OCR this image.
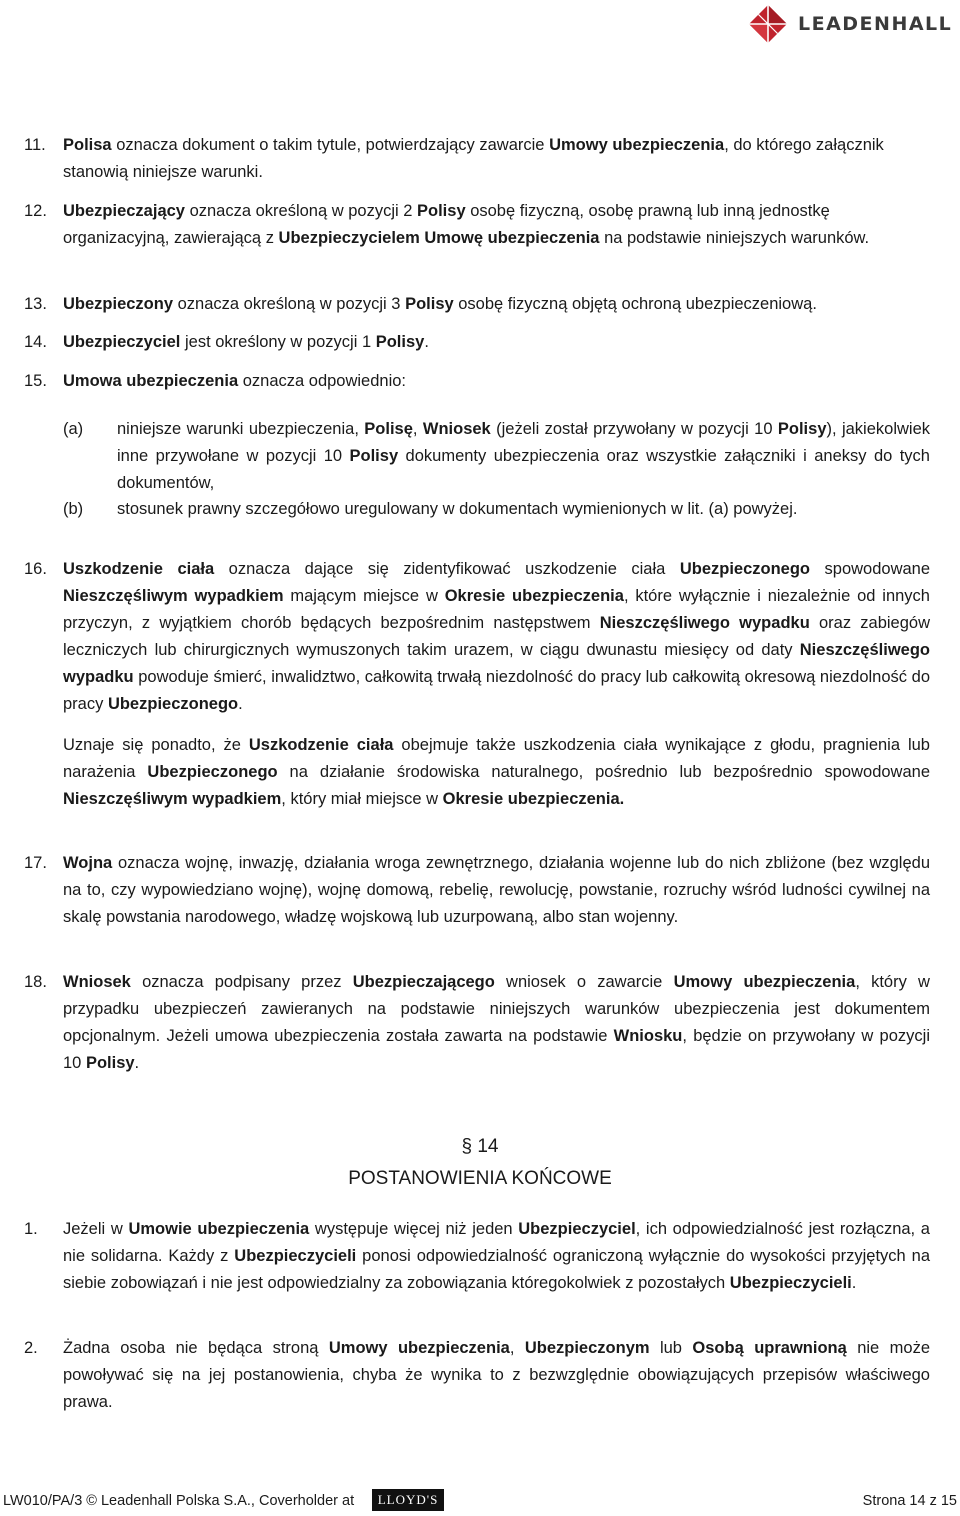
LEADENHALL
11. Polisa oznacza dokument o takim tytule, potwierdzający zawarcie Umowy ubezpieczenia, do którego załącznik stanowią niniejsze warunki.
12. Ubezpieczający oznacza określoną w pozycji 2 Polisy osobę fizyczną, osobę prawną lub inną jednostkę organizacyjną, zawierającą z Ubezpieczycielem Umowę ubezpieczenia na podstawie niniejszych warunków.
13. Ubezpieczony oznacza określoną w pozycji 3 Polisy osobę fizyczną objętą ochroną ubezpieczeniową.
14. Ubezpieczyciel jest określony w pozycji 1 Polisy.
15. Umowa ubezpieczenia oznacza odpowiednio:
(a) niniejsze warunki ubezpieczenia, Polisę, Wniosek (jeżeli został przywołany w pozycji 10 Polisy), jakiekolwiek inne przywołane w pozycji 10 Polisy dokumenty ubezpieczenia oraz wszystkie załączniki i aneksy do tych dokumentów,
(b) stosunek prawny szczegółowo uregulowany w dokumentach wymienionych w lit. (a) powyżej.
16. Uszkodzenie ciała oznacza dające się zidentyfikować uszkodzenie ciała Ubezpieczonego spowodowane Nieszczęśliwym wypadkiem mającym miejsce w Okresie ubezpieczenia, które wyłącznie i niezależnie od innych przyczyn, z wyjątkiem chorób będących bezpośrednim następstwem Nieszczęśliwego wypadku oraz zabiegów leczniczych lub chirurgicznych wymuszonych takim urazem, w ciągu dwunastu miesięcy od daty Nieszczęśliwego wypadku powoduje śmierć, inwalidztwo, całkowitą trwałą niezdolność do pracy lub całkowitą okresową niezdolność do pracy Ubezpieczonego.
Uznaje się ponadto, że Uszkodzenie ciała obejmuje także uszkodzenia ciała wynikające z głodu, pragnienia lub narażenia Ubezpieczonego na działanie środowiska naturalnego, pośrednio lub bezpośrednio spowodowane Nieszczęśliwym wypadkiem, który miał miejsce w Okresie ubezpieczenia.
17. Wojna oznacza wojnę, inwazję, działania wroga zewnętrznego, działania wojenne lub do nich zbliżone (bez względu na to, czy wypowiedziano wojnę), wojnę domową, rebelię, rewolucję, powstanie, rozruchy wśród ludności cywilnej na skalę powstania narodowego, władzę wojskową lub uzurpowaną, albo stan wojenny.
18. Wniosek oznacza podpisany przez Ubezpieczającego wniosek o zawarcie Umowy ubezpieczenia, który w przypadku ubezpieczeń zawieranych na podstawie niniejszych warunków ubezpieczenia jest dokumentem opcjonalnym. Jeżeli umowa ubezpieczenia została zawarta na podstawie Wniosku, będzie on przywołany w pozycji 10 Polisy.
§ 14
POSTANOWIENIA KOŃCOWE
1. Jeżeli w Umowie ubezpieczenia występuje więcej niż jeden Ubezpieczyciel, ich odpowiedzialność jest rozłączna, a nie solidarna. Każdy z Ubezpieczycieli ponosi odpowiedzialność ograniczoną wyłącznie do wysokości przyjętych na siebie zobowiązań i nie jest odpowiedzialny za zobowiązania któregokolwiek z pozostałych Ubezpieczycieli.
2. Żadna osoba nie będąca stroną Umowy ubezpieczenia, Ubezpieczonym lub Osobą uprawnioną nie może powoływać się na jej postanowienia, chyba że wynika to z bezwzględnie obowiązujących przepisów właściwego prawa.
LW010/PA/3 © Leadenhall Polska S.A., Coverholder at	LLOYD'S	Strona 14 z 15
